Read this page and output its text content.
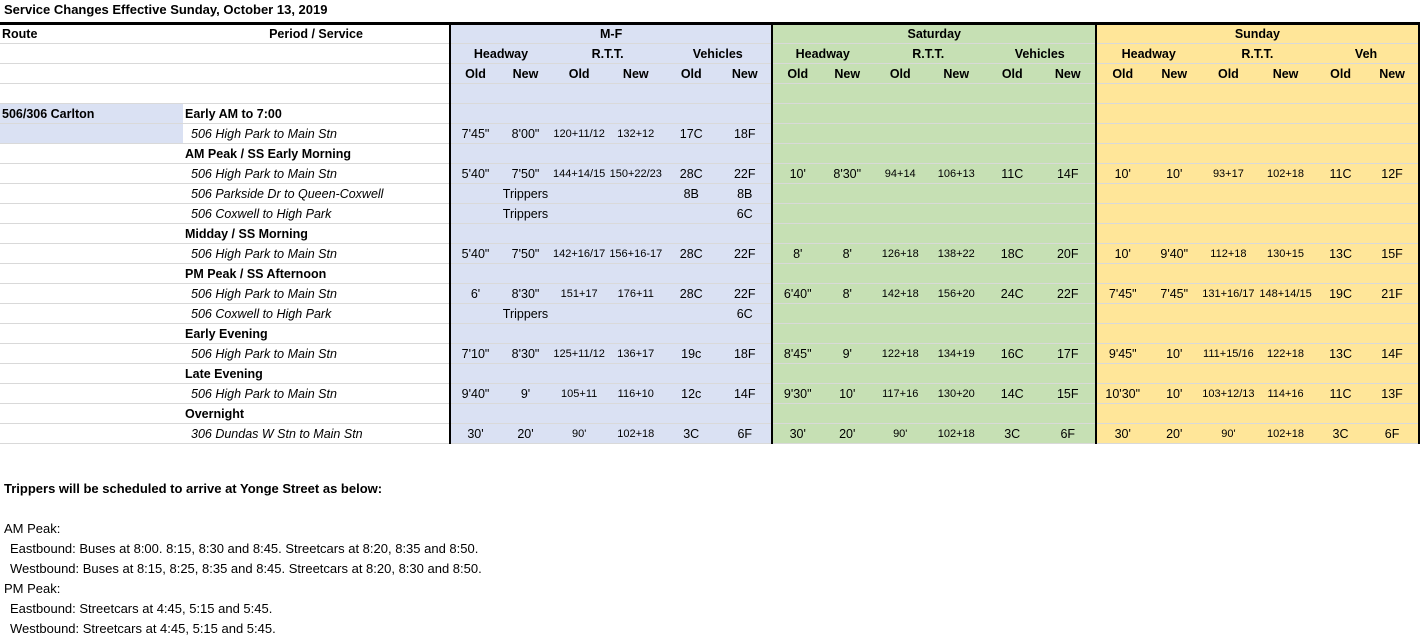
Service Changes Effective Sunday, October 13, 2019
Route	Period / Service	M-F						Saturday						Sunday					
		Headway		R.T.T.		Vehicles		Headway		R.T.T.		Vehicles		Headway		R.T.T.		Veh	
		Old	New	Old	New	Old	New	Old	New	Old	New	Old	New	Old	New	Old	New	Old	New

506/306 Carlton	Early AM to 7:00																		
	506 High Park to Main Stn	7'45"	8'00"	120+11/12	132+12	17C	18F												
	AM Peak / SS Early Morning																		
	506 High Park to Main Stn	5'40"	7'50"	144+14/15	150+22/23	28C	22F	10'	8'30"	94+14	106+13	11C	14F	10'	10'	93+17	102+18	11C	12F
	506 Parkside Dr to Queen-Coxwell		Trippers			8B	8B												
	506 Coxwell to High Park		Trippers				6C												
	Midday / SS Morning																		
	506 High Park to Main Stn	5'40"	7'50"	142+16/17	156+16-17	28C	22F	8'	8'	126+18	138+22	18C	20F	10'	9'40"	112+18	130+15	13C	15F
	PM Peak / SS Afternoon																		
	506 High Park to Main Stn	6'	8'30"	151+17	176+11	28C	22F	6'40"	8'	142+18	156+20	24C	22F	7'45"	7'45"	131+16/17	148+14/15	19C	21F
	506 Coxwell to High Park		Trippers				6C												
	Early Evening																		
	506 High Park to Main Stn	7'10"	8'30"	125+11/12	136+17	19c	18F	8'45"	9'	122+18	134+19	16C	17F	9'45"	10'	111+15/16	122+18	13C	14F
	Late Evening																		
	506 High Park to Main Stn	9'40"	9'	105+11	116+10	12c	14F	9'30"	10'	117+16	130+20	14C	15F	10'30"	10'	103+12/13	114+16	11C	13F
	Overnight																		
	306 Dundas W Stn to Main Stn	30'	20'	90'	102+18	3C	6F	30'	20'	90'	102+18	3C	6F	30'	20'	90'	102+18	3C	6F
Trippers will be scheduled to arrive at Yonge Street as below:

AM Peak:
Eastbound: Buses at 8:00. 8:15, 8:30 and 8:45. Streetcars at 8:20, 8:35 and 8:50.
Westbound: Buses at 8:15, 8:25, 8:35 and 8:45. Streetcars at 8:20, 8:30 and 8:50.
PM Peak:
Eastbound: Streetcars at 4:45, 5:15 and 5:45.
Westbound: Streetcars at 4:45, 5:15 and 5:45.
